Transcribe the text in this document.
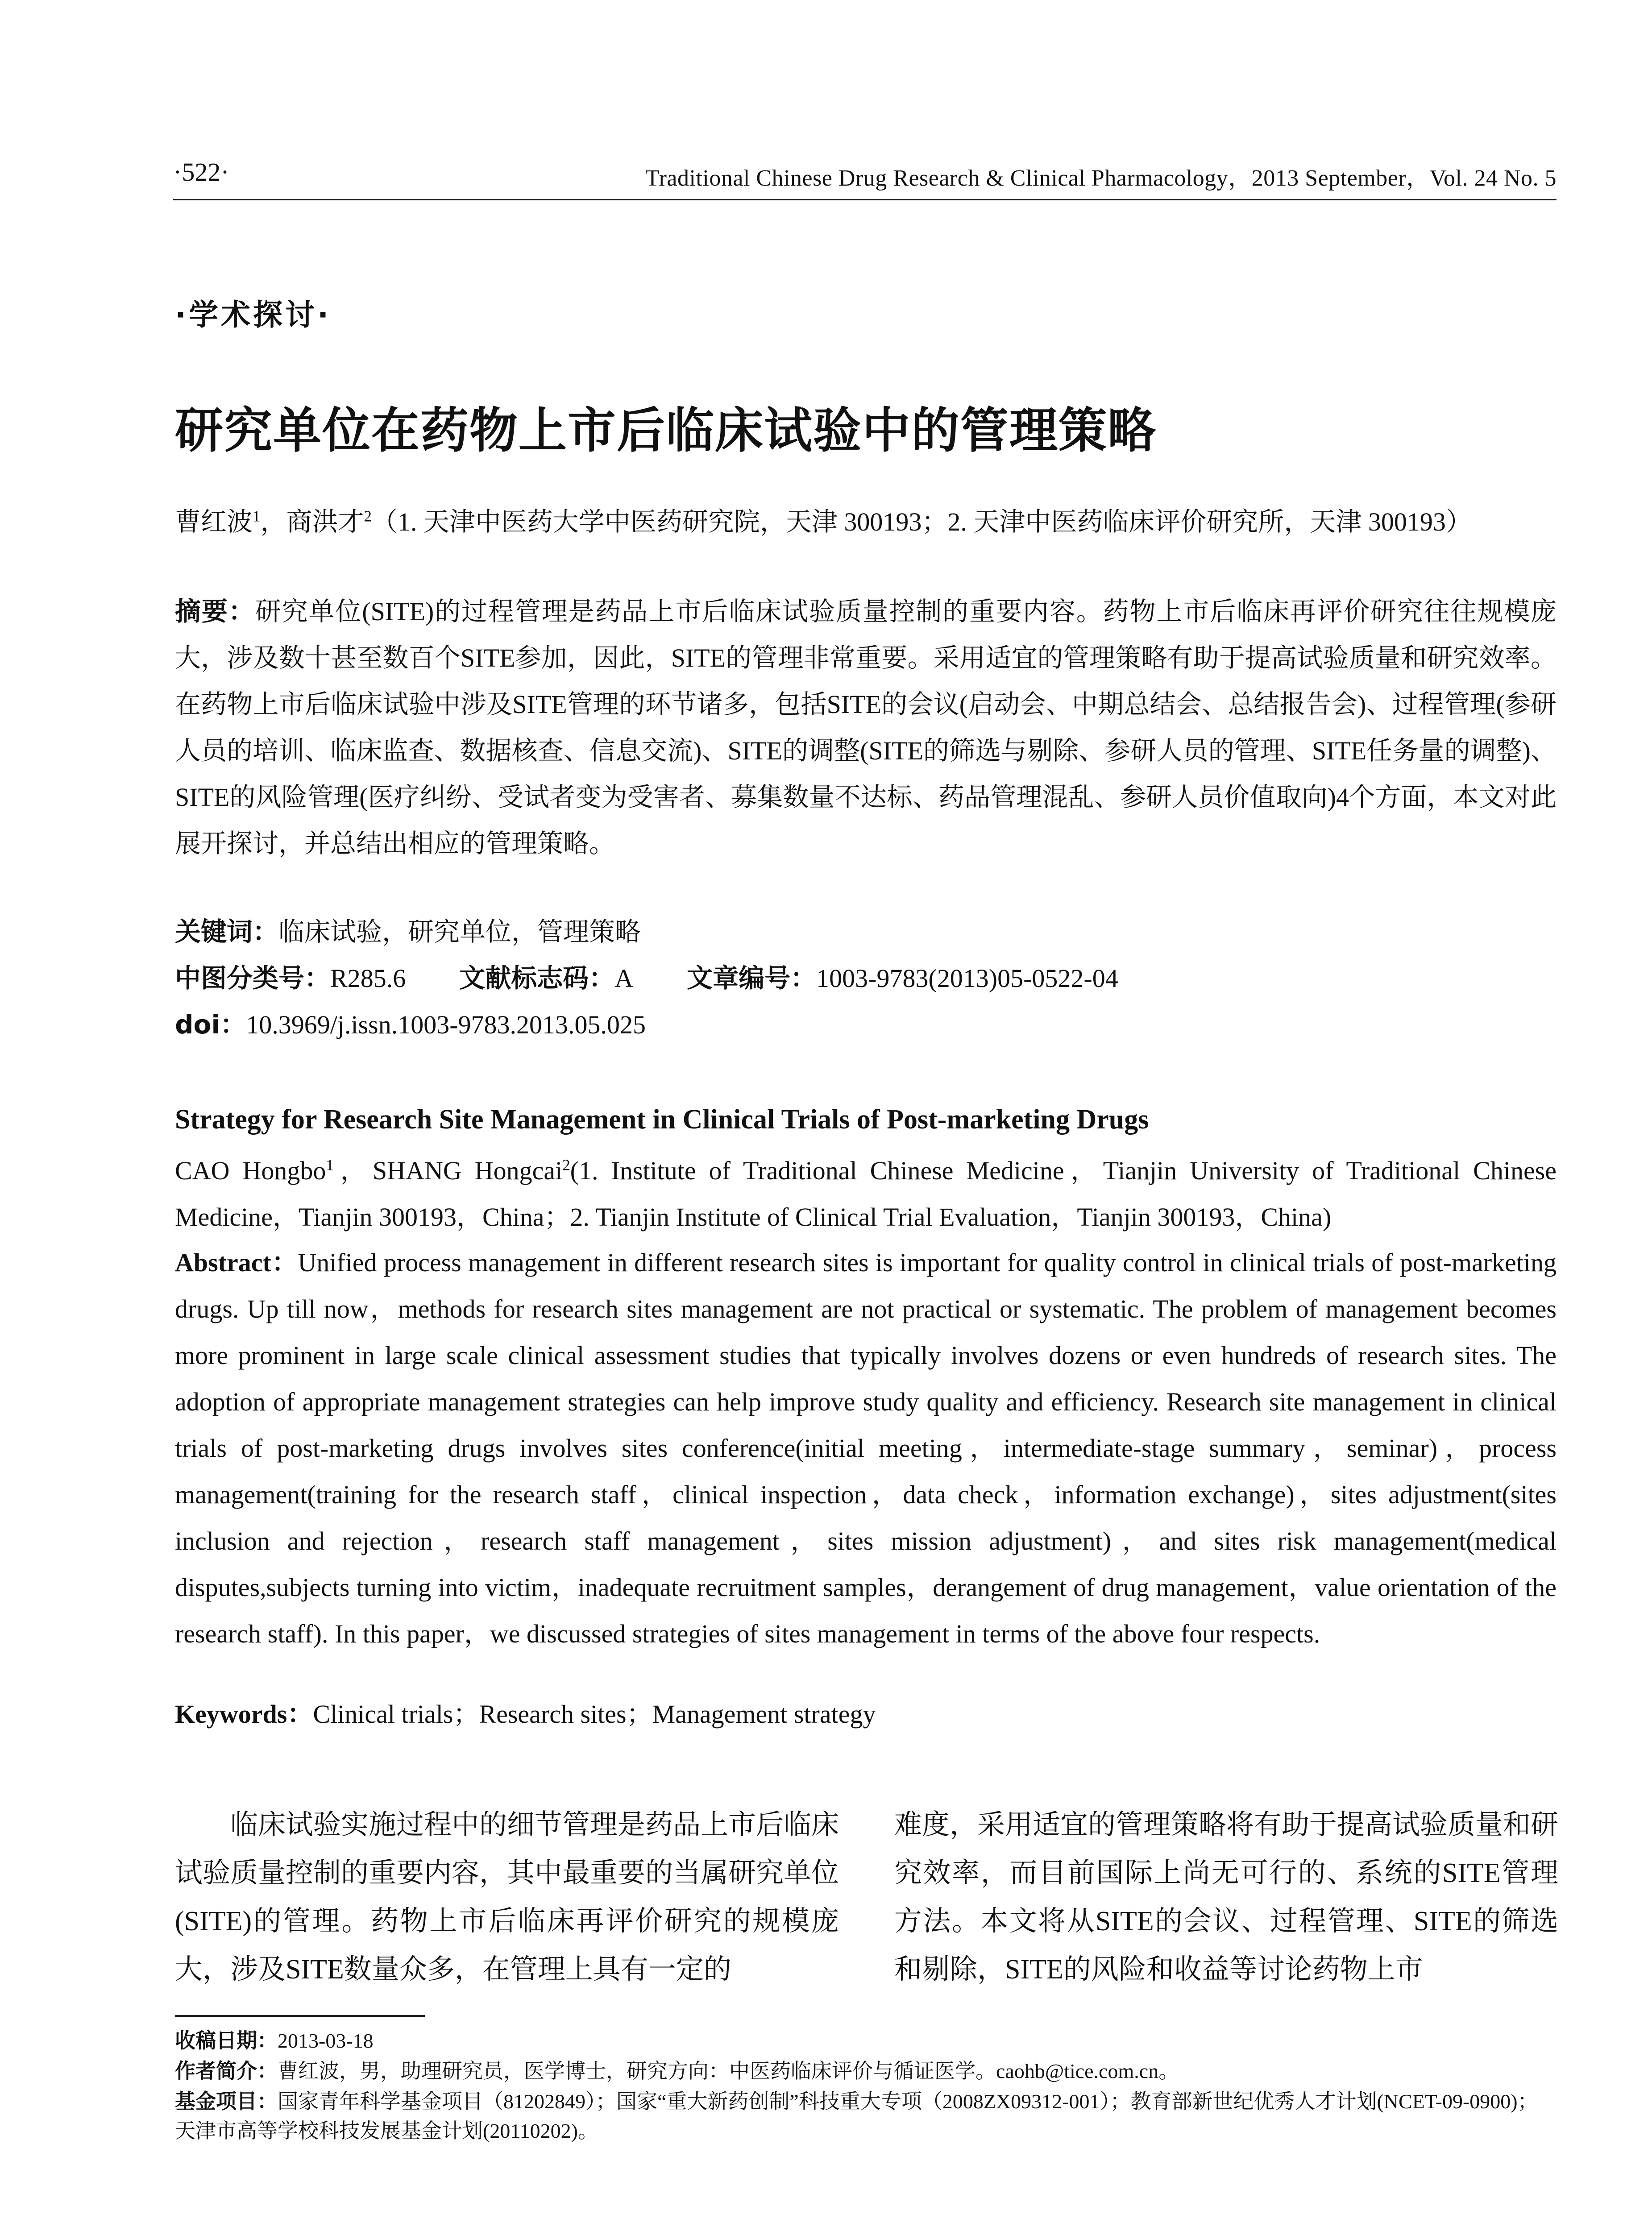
·522·	Traditional Chinese Drug Research & Clinical Pharmacology，2013 September，Vol. 24 No. 5
·学术探讨·
研究单位在药物上市后临床试验中的管理策略

曹红波$^1$，商洪才$^2$（1. 天津中医药大学中医药研究院，天津 300193；2. 天津中医药临床评价研究所，天津 300193）

摘要：研究单位(SITE)的过程管理是药品上市后临床试验质量控制的重要内容。药物上市后临床再评价研究往往规模庞大，涉及数十甚至数百个SITE参加，因此，SITE的管理非常重要。采用适宜的管理策略有助于提高试验质量和研究效率。在药物上市后临床试验中涉及SITE管理的环节诸多，包括SITE的会议(启动会、中期总结会、总结报告会)、过程管理(参研人员的培训、临床监查、数据核查、信息交流)、SITE的调整(SITE的筛选与剔除、参研人员的管理、SITE任务量的调整)、SITE的风险管理(医疗纠纷、受试者变为受害者、募集数量不达标、药品管理混乱、参研人员价值取向)4个方面，本文对此展开探讨，并总结出相应的管理策略。

关键词：临床试验，研究单位，管理策略

中图分类号：R285.6 文献标志码：A 文章编号：1003-9783(2013)05-0522-04

doi：10.3969/j.issn.1003-9783.2013.05.025

Strategy for Research Site Management in Clinical Trials of Post-marketing Drugs

CAO Hongbo$^1$，SHANG Hongcai$^2$(1. Institute of Traditional Chinese Medicine，Tianjin University of Traditional Chinese Medicine，Tianjin 300193，China；2. Tianjin Institute of Clinical Trial Evaluation，Tianjin 300193，China)

Abstract：Unified process management in different research sites is important for quality control in clinical trials of post-marketing drugs. Up till now，methods for research sites management are not practical or systematic. The problem of management becomes more prominent in large scale clinical assessment studies that typically involves dozens or even hundreds of research sites. The adoption of appropriate management strategies can help improve study quality and efficiency. Research site management in clinical trials of post-marketing drugs involves sites conference(initial meeting，intermediate-stage summary，seminar)，process management(training for the research staff，clinical inspection，data check，information exchange)，sites adjustment(sites inclusion and rejection，research staff management，sites mission adjustment)，and sites risk management(medical disputes,subjects turning into victim，inadequate recruitment samples，derangement of drug management，value orientation of the research staff). In this paper，we discussed strategies of sites management in terms of the above four respects.

Keywords：Clinical trials；Research sites；Management strategy

临床试验实施过程中的细节管理是药品上市后临床试验质量控制的重要内容，其中最重要的当属研究单位(SITE)的管理。药物上市后临床再评价研究的规模庞大，涉及SITE数量众多，在管理上具有一定的

难度，采用适宜的管理策略将有助于提高试验质量和研究效率，而目前国际上尚无可行的、系统的SITE管理方法。本文将从SITE的会议、过程管理、SITE的筛选和剔除，SITE的风险和收益等讨论药物上市

收稿日期：2013-03-18

作者简介：曹红波，男，助理研究员，医学博士，研究方向：中医药临床评价与循证医学。caohb@tice.com.cn。

基金项目：国家青年科学基金项目（81202849）；国家“重大新药创制”科技重大专项（2008ZX09312-001）；教育部新世纪优秀人才计划(NCET-09-0900)；天津市高等学校科技发展基金计划(20110202)。
